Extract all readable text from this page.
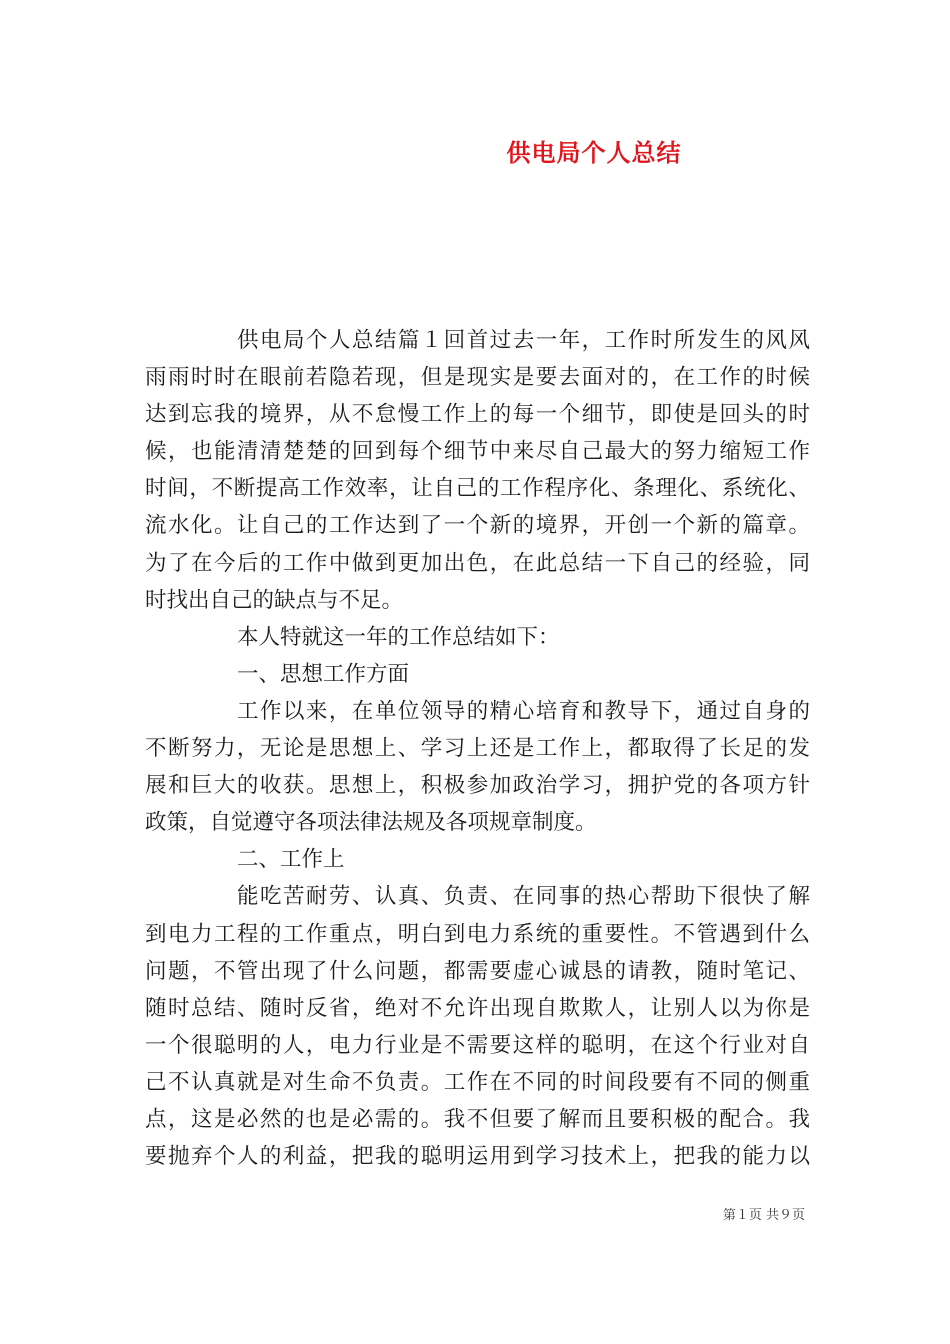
供电局个人总结
供电局个人总结篇１回首过去一年，工作时所发生的风风
雨雨时时在眼前若隐若现，但是现实是要去面对的，在工作的时候
达到忘我的境界，从不怠慢工作上的每一个细节，即使是回头的时
候，也能清清楚楚的回到每个细节中来尽自己最大的努力缩短工作
时间，不断提高工作效率，让自己的工作程序化、条理化、系统化、
流水化。让自己的工作达到了一个新的境界，开创一个新的篇章。
为了在今后的工作中做到更加出色，在此总结一下自己的经验，同
时找出自己的缺点与不足。
本人特就这一年的工作总结如下：
一、思想工作方面
工作以来，在单位领导的精心培育和教导下，通过自身的
不断努力，无论是思想上、学习上还是工作上，都取得了长足的发
展和巨大的收获。思想上，积极参加政治学习，拥护党的各项方针
政策，自觉遵守各项法律法规及各项规章制度。
二、工作上
能吃苦耐劳、认真、负责、在同事的热心帮助下很快了解
到电力工程的工作重点，明白到电力系统的重要性。不管遇到什么
问题，不管出现了什么问题，都需要虚心诚恳的请教，随时笔记、
随时总结、随时反省，绝对不允许出现自欺欺人，让别人以为你是
一个很聪明的人，电力行业是不需要这样的聪明，在这个行业对自
己不认真就是对生命不负责。工作在不同的时间段要有不同的侧重
点，这是必然的也是必需的。我不但要了解而且要积极的配合。我
要抛弃个人的利益，把我的聪明运用到学习技术上，把我的能力以
第１页 共９页
